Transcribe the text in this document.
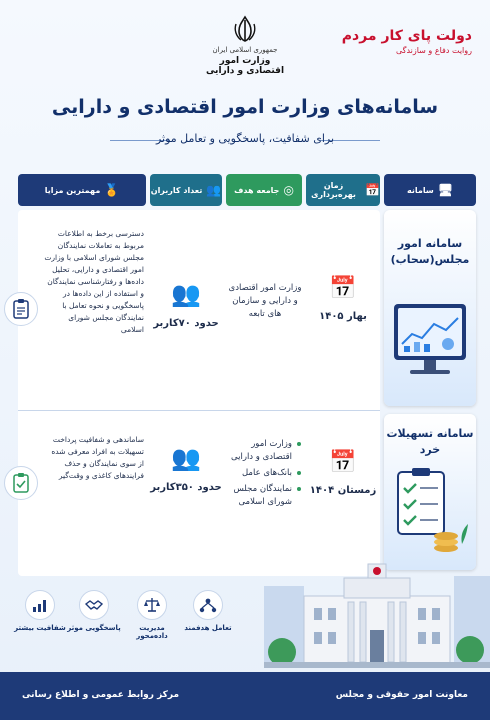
جمهوری اسلامی ایران
وزارت امور اقتصادی و دارایی
دولت پای کار مردم
روایت دفاع و سازندگی
سامانه‌های وزارت امور اقتصادی و دارایی
برای شفافیت، پاسخگویی و تعامل موثر
🖥
سامانه
📅
زمان بهره‌برداری
◎
جامعه هدف
👥
تعداد کاربران
🏅
مهمترین مزایا
سامانه امور مجلس(سحاب)
📅
بهار ۱۴۰۵
وزارت امور اقتصادی و دارایی و سازمان های تابعه
👥
حدود ۷۰کاربر
دسترسی برخط به اطلاعات مربوط به تعاملات نمایندگان مجلس شورای اسلامی با وزارت امور اقتصادی و دارایی، تحلیل داده‌ها و رفتارشناسی نمایندگان و استفاده از این داده‌ها در پاسخگویی و نحوه تعامل با نمایندگان مجلس شورای اسلامی
سامانه تسهیلات خرد
📅
زمستان ۱۴۰۴
وزارت امور اقتصادی و دارایی
بانک‌های عامل
نمایندگان مجلس شورای اسلامی
👥
حدود ۳۵۰کاربر
ساماندهی و شفافیت پرداخت تسهیلات به افراد معرفی شده از سوی نمایندگان و حذف فرایندهای کاغذی و وقت‌گیر
شفافیت بیشتر پاسخگویی موثر	مدیریت داده‌محور
تعامل هدفمند
مرکز روابط عمومی و اطلاع رسانی	معاونت امور حقوقی و مجلس
